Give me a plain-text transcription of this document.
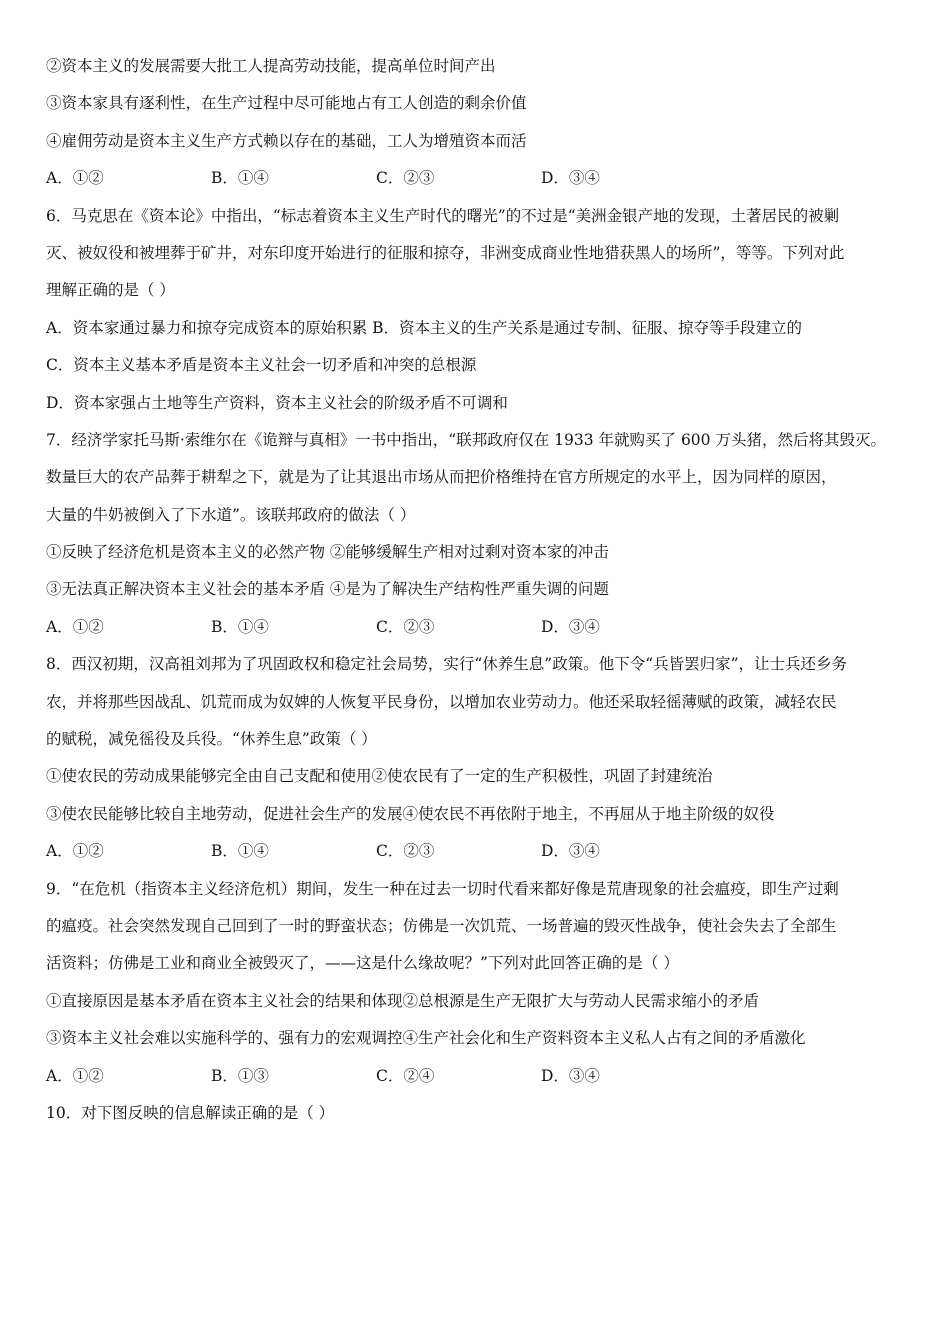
②资本主义的发展需要大批工人提高劳动技能，提高单位时间产出
③资本家具有逐利性，在生产过程中尽可能地占有工人创造的剩余价值
④雇佣劳动是资本主义生产方式赖以存在的基础，工人为增殖资本而活
A．①②	B．①④	C．②③	D．③④
6．马克思在《资本论》中指出，“标志着资本主义生产时代的曙光”的不过是“美洲金银产地的发现，土著居民的被剿
灭、被奴役和被埋葬于矿井，对东印度开始进行的征服和掠夺，非洲变成商业性地猎获黑人的场所”，等等。下列对此
理解正确的是（ ）
A．资本家通过暴力和掠夺完成资本的原始积累 B．资本主义的生产关系是通过专制、征服、掠夺等手段建立的
C．资本主义基本矛盾是资本主义社会一切矛盾和冲突的总根源
D．资本家强占土地等生产资料，资本主义社会的阶级矛盾不可调和
7．经济学家托马斯·索维尔在《诡辩与真相》一书中指出，“联邦政府仅在 1933 年就购买了 600 万头猪，然后将其毁灭。
数量巨大的农产品葬于耕犁之下，就是为了让其退出市场从而把价格维持在官方所规定的水平上，因为同样的原因，
大量的牛奶被倒入了下水道”。该联邦政府的做法（ ）
①反映了经济危机是资本主义的必然产物 ②能够缓解生产相对过剩对资本家的冲击
③无法真正解决资本主义社会的基本矛盾 ④是为了解决生产结构性严重失调的问题
A．①②	B．①④	C．②③	D．③④
8．西汉初期，汉高祖刘邦为了巩固政权和稳定社会局势，实行“休养生息”政策。他下令“兵皆罢归家”，让士兵还乡务
农，并将那些因战乱、饥荒而成为奴婢的人恢复平民身份，以增加农业劳动力。他还采取轻徭薄赋的政策，减轻农民
的赋税，减免徭役及兵役。“休养生息”政策（ ）
①使农民的劳动成果能够完全由自己支配和使用②使农民有了一定的生产积极性，巩固了封建统治
③使农民能够比较自主地劳动，促进社会生产的发展④使农民不再依附于地主，不再屈从于地主阶级的奴役
A．①②	B．①④	C．②③	D．③④
9．“在危机（指资本主义经济危机）期间，发生一种在过去一切时代看来都好像是荒唐现象的社会瘟疫，即生产过剩
的瘟疫。社会突然发现自己回到了一时的野蛮状态；仿佛是一次饥荒、一场普遍的毁灭性战争，使社会失去了全部生
活资料；仿佛是工业和商业全被毁灭了，——这是什么缘故呢？”下列对此回答正确的是（ ）
①直接原因是基本矛盾在资本主义社会的结果和体现②总根源是生产无限扩大与劳动人民需求缩小的矛盾
③资本主义社会难以实施科学的、强有力的宏观调控④生产社会化和生产资料资本主义私人占有之间的矛盾激化
A．①②	B．①③	C．②④	D．③④
10．对下图反映的信息解读正确的是（ ）
